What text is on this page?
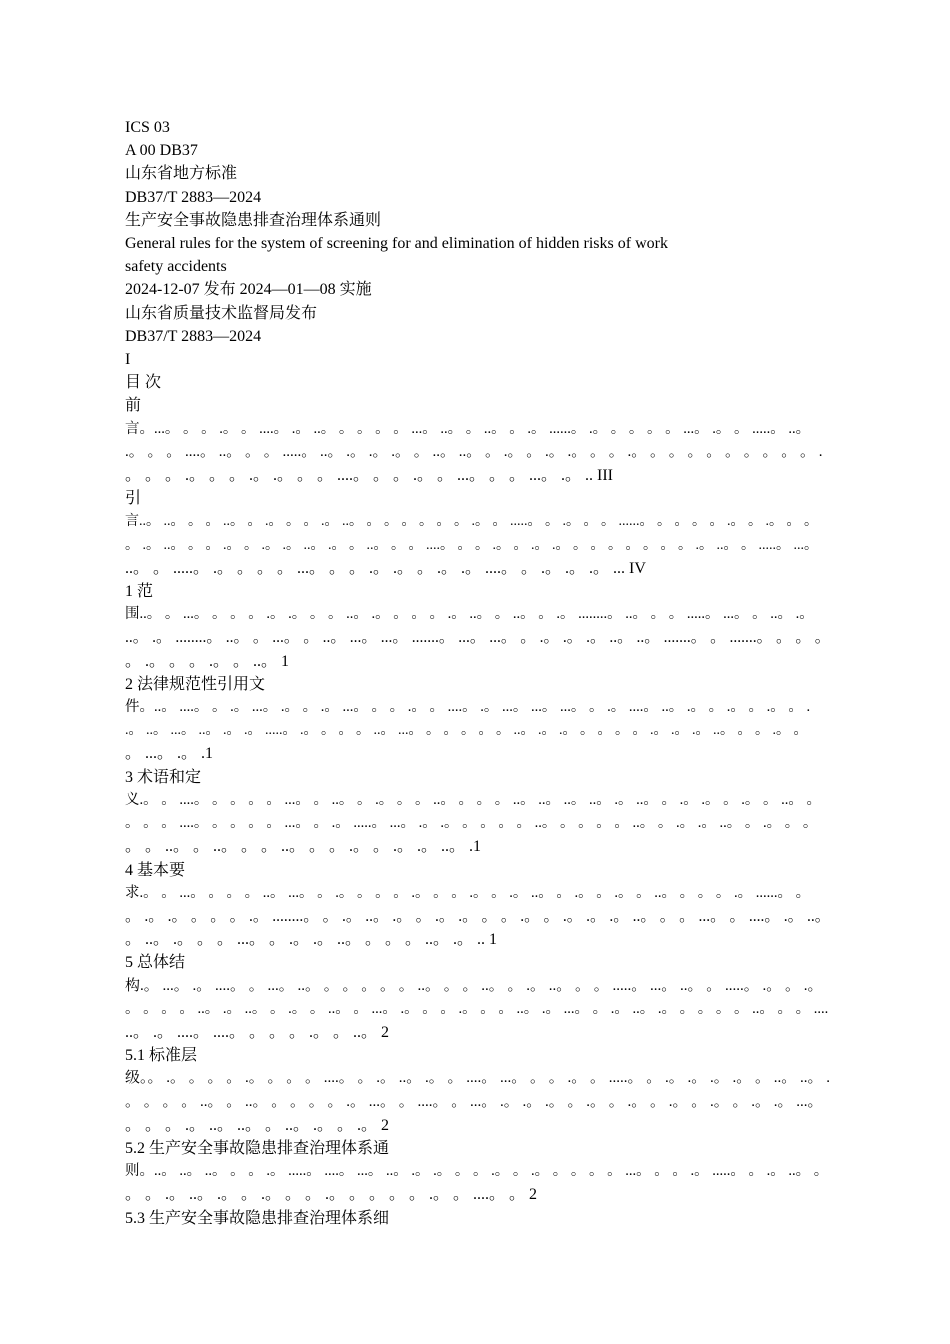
ICS 03
A 00 DB37
山东省地方标准
DB37/T 2883—2024
生产安全事故隐患排查治理体系通则
General rules for the system of screening for and elimination of hidden risks of work
safety accidents
2024-12-07 发布 2024—01—08 实施
山东省质量技术监督局发布
DB37/T 2883—2024
I
目 次
前
言。...。 。 。 .。 。 ....。 .。 ..。 。 。 。 。 ...。 ..。 。 ..。 。 .。 ......。 .。 。 。 。 。 ...。 .。 。 .....。 ..。
.。 。 。 ....。 ..。 。 。 .....。 ..。 .。 .。 .。 。 ..。 ..。 。 .。 。 .。 .。 。 。 .。 。 。 。 。 。 。 。 。 。 .
。 。 。 .。 。 。 .。 .。 。 。 ....。 。 。 .。 。 ...。 。 。 ...。 .。 .. III
引
言..。 ..。 。 。 ..。 。 .。 。 。 .。 ..。 。 。 。 。 。 。 .。 。 .....。 。 .。 。 。 ......。 。 。 。 。 .。 。 .。 。 。
。 .。 ..。 。 。 .。 。 .。 .。 ..。 .。 。 ..。 。 。 ....。 。 。 .。 。 .。 .。 。 。 。 。 。 。 。 .。 ..。 。 .....。 ...。
..。 。 .....。 .。 。 。 。 ...。 。 。 .。 .。 。 .。 .。 ....。 。 .。 .。 .。 ... IV
1 范
围..。 。 ...。 。 。 。 .。 .。 。 。 ..。 .。 。 。 。 .。 ..。 。 ..。 。 .。 ........。 ..。 。 。 .....。 ...。 。 ..。 .。
..。 .。 ........。 ..。 。 ...。 。 ..。 ...。 ...。 .......。 ...。 ...。 。 .。 .。 .。 ..。 ..。 .......。 。 .......。 。 。 。
。 .。 。 。 .。 。 ..。 1
2 法律规范性引用文
件。..。 ....。 。 .。 ...。 .。 。 .。 ...。 。 。 .。 。 ....。 .。 ...。 ...。 ...。 。 .。 ....。 ..。 .。 。 .。 。 .。 。 .
.。 ..。 ...。 ..。 .。 .。 .....。 .。 。 。 。 ..。 ...。 。 。 。 。 。 ..。 .。 .。 。 。 。 。 .。 .。 .。 ..。 。 。 .。 。
。 ...。 .。 .1
3 术语和定
义.。 。 ....。 。 。 。 。 ...。 。 ..。 。 .。 。 。 ..。 。 。 。 ..。 ..。 ..。 ..。 .。 ..。 。 .。 .。 。 .。 。 ..。 。
。 。 。 ....。 。 。 。 。 ...。 。 .。 .....。 ...。 .。 .。 。 。 。 。 ..。 。 。 。 。 ..。 。 .。 .。 ..。 。 .。 。 。
。 。 ..。 。 ..。 。 。 ..。 。 。 .。 。 .。 .。 ..。 .1
4 基本要
求.。 。 ...。 。 。 。 ..。 ...。 。 .。 。 。 。 .。 。 。 .。 。 .。 ..。 。 .。 。 .。 。 ..。 。 。 。 .。 ......。 。
。 .。 .。 。 。 。 .。 ........。 。 .。 ..。 .。 。 .。 .。 。 。 .。 。 .。 .。 .。 ..。 。 。 ...。 。 ....。 .。 ..。
。 ..。 .。 。 。 ...。 。 .。 .。 ..。 。 。 。 ..。 .。 .. 1
5 总体结
构.。 ...。 .。 ....。 。 ...。 ..。 。 。 。 。 。 ..。 。 。 ..。 。 .。 ..。 。 。 .....。 ...。 ..。 。 .....。 .。 。 .。
。 。 。 。 ..。 .。 ..。 。 .。 。 ..。 。 ...。 .。 。 。 .。 。 。 ..。 .。 ...。 。 .。 ..。 .。 。 。 。 。 ..。 。 。 ....
..。 .。 ....。 ....。 。 。 。 .。 。 ..。 2
5.1 标准层
级。。 .。 。 。 。 .。 。 。 。 ....。 。 .。 ..。 .。 。 ....。 ...。 。 。 .。 。 .....。 。 .。 .。 .。 .。 。 ..。 ..。 .
。 。 。 。 ..。 。 ..。 。 。 。 。 .。 ...。 。 ....。 。 ...。 .。 .。 .。 。 .。 。 .。 。 .。 。 .。 。 .。 .。 ...。
。 。 。 .。 ..。 ..。 。 ..。 .。 。 .。 2
5.2 生产安全事故隐患排查治理体系通
则。..。 ..。 ..。 。 。 .。 .....。 ....。 ...。 ..。 .。 .。 。 。 .。 。 .。 。 。 。 。 ...。 。 。 .。 .....。 。 .。 ..。 。
。 。 .。 ..。 .。 。 .。 。 。 .。 。 。 。 。 .。 。 ....。 。 2
5.3 生产安全事故隐患排查治理体系细
